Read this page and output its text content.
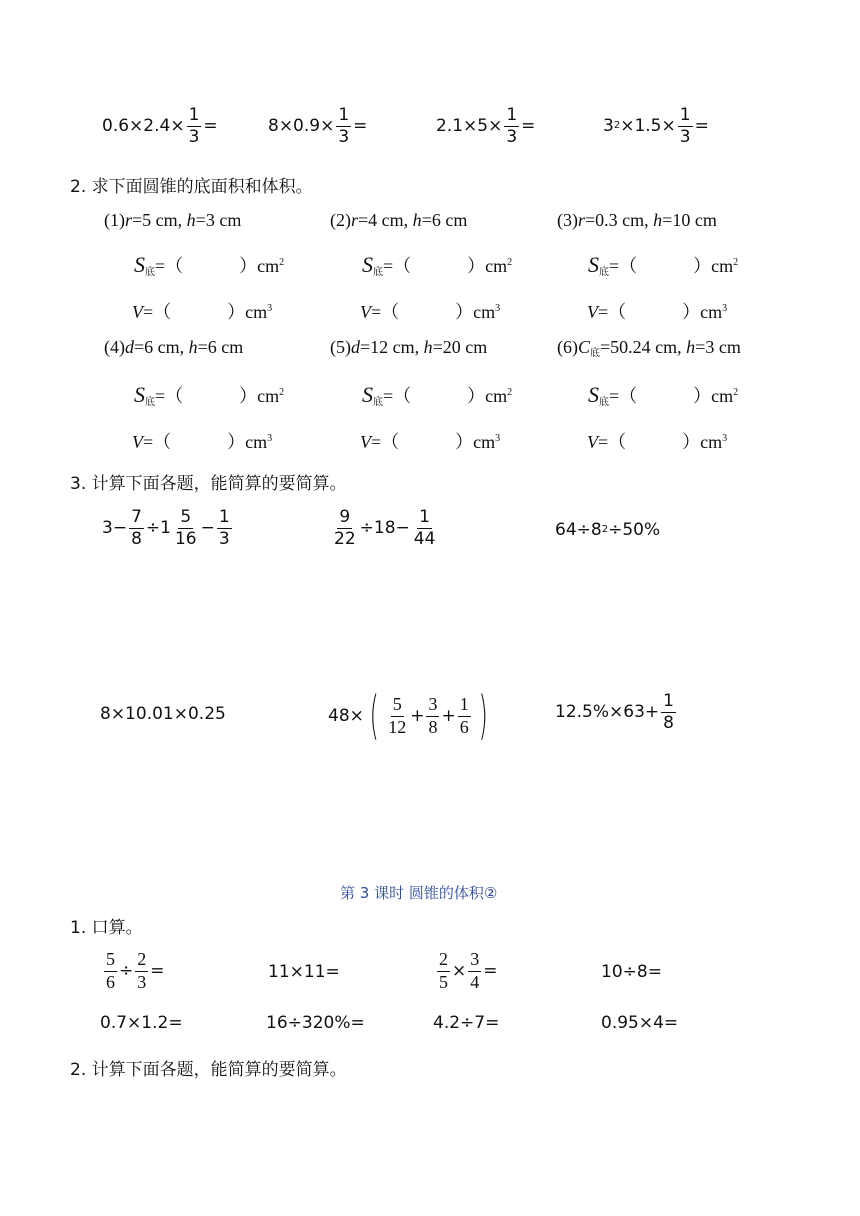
$0.6\times 2.4\times \frac{1}{3}$ =	$8\times 0.9\times \frac{1}{3}$ =	$2.1\times 5\times \frac{1}{3}$ =	3 $2 \times 1.5\times \frac{1}{3}$ =
2. 求下面圆锥的底面积和体积。
(1)r=5 cm, h=3 cm	(2)r=4 cm, h=6 cm	(3)r=0.3 cm, h=10 cm
$S_底=$（	）$cm^2$	$S_底=$（	）$cm^2$	$S_底=$（	）$cm^2$
V=（	）$cm^3$	V=（	）$cm^3$	V=（	）$cm^3$
(4)d=6 cm, h=6 cm	(5)d=12 cm, h=20 cm	$(6)C_底=50.24$ cm, h=3 cm
$S_底=$（	）$cm^2$	$S_底=$（	）$cm^2$	$S_底=$（	）$cm^2$
V=（	）$cm^3$	V=（	）$cm^3$	V=（	）$cm^3$
3. 计算下面各题，能简算的要简算。
$3- \frac{7}{8} \div 1 \frac{5}{16} - \frac{1}{3}$	$\frac{9}{22} \div 18- \frac{1}{44}$	64÷8 2 ÷50%
8×10.01×0.25	48× ( $\frac{5}{12} + \frac{3}{8} + \frac{1}{6}$ )	$12.5\%\times 63+ \frac{1}{8}$
第 3 课时 圆锥的体积②
1. 口算。
$\frac{5}{6} \div \frac{2}{3}$ =	11×11=	$\frac{2}{5} \times \frac{3}{4}$ =	10÷8=
0.7×1.2=	16÷320%=	4.2÷7=	0.95×4=
2. 计算下面各题，能简算的要简算。
